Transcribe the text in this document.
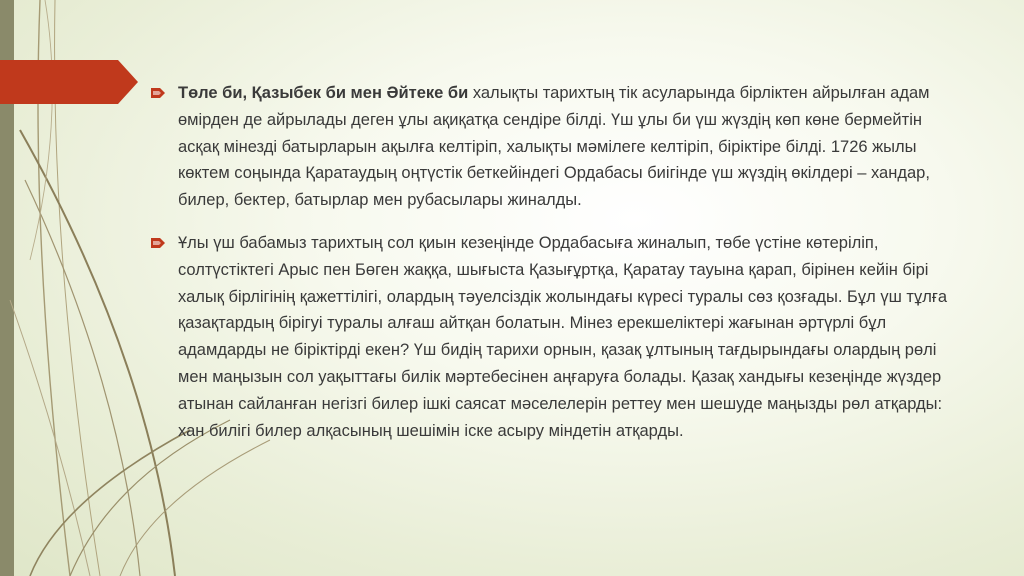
Төле би, Қазыбек би мен Әйтеке би халықты тарихтың тік асуларында бірліктен айрылған адам өмірден де айрылады деген ұлы ақиқатқа сендіре білді. Үш ұлы би үш жүздің көп көне бермейтін асқақ мінезді батырларын ақылға келтіріп, халықты мәмілеге келтіріп, біріктіре білді. 1726 жылы көктем соңында Қаратаудың оңтүстік беткейіндегі Ордабасы биігінде үш жүздің өкілдері – хандар, билер, бектер, батырлар мен рубасылары жиналды.
Ұлы үш бабамыз тарихтың сол қиын кезеңінде Ордабасыға жиналып, төбе үстіне көтеріліп, солтүстіктегі Арыс пен Бөген жаққа, шығыста Қазығұртқа, Қаратау тауына қарап, бірінен кейін бірі халық бірлігінің қажеттілігі, олардың тәуелсіздік жолындағы күресі туралы сөз қозғады. Бұл үш тұлға қазақтардың бірігуі туралы алғаш айтқан болатын. Мінез ерекшеліктері жағынан әртүрлі бұл адамдарды не біріктірді екен? Үш бидің тарихи орнын, қазақ ұлтының тағдырындағы олардың рөлі мен маңызын сол уақыттағы билік мәртебесінен аңғаруға болады. Қазақ хандығы кезеңінде жүздер атынан сайланған негізгі билер ішкі саясат мәселелерін реттеу мен шешуде маңызды рөл атқарды: хан билігі билер алқасының шешімін іске асыру міндетін атқарды.
